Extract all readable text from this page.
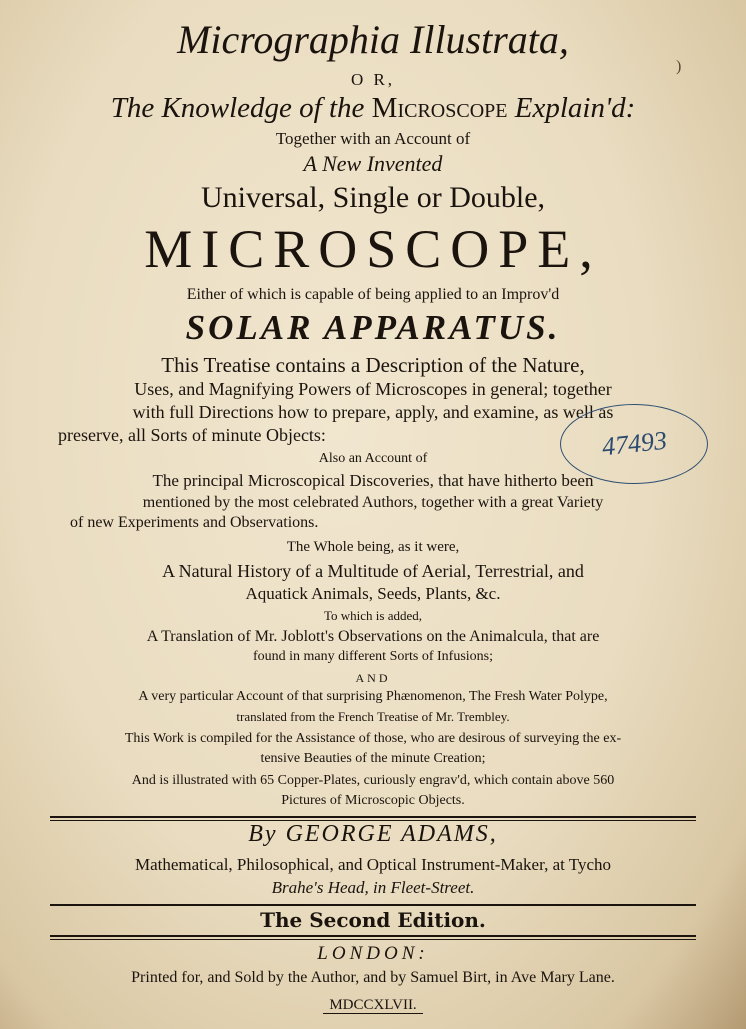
)
Micrographia Illustrata,
O R,
The Knowledge of the Microscope Explain'd:
Together with an Account of
A New Invented
Universal, Single or Double,
MICROSCOPE,
Either of which is capable of being applied to an Improv'd
SOLAR APPARATUS.
This Treatise contains a Description of the Nature,
Uses, and Magnifying Powers of Microscopes in general; together
with full Directions how to prepare, apply, and examine, as well as
preserve, all Sorts of minute Objects:
Also an Account of
The principal Microscopical Discoveries, that have hitherto been
mentioned by the most celebrated Authors, together with a great Variety
of new Experiments and Observations.
The Whole being, as it were,
A Natural History of a Multitude of Aerial, Terrestrial, and
Aquatick Animals, Seeds, Plants, &c.
To which is added,
A Translation of Mr. Joblott's Observations on the Animalcula, that are
found in many different Sorts of Infusions;
AND
A very particular Account of that surprising Phænomenon, The Fresh Water Polype,
translated from the French Treatise of Mr. Trembley.
This Work is compiled for the Assistance of those, who are desirous of surveying the ex-
tensive Beauties of the minute Creation;
And is illustrated with 65 Copper-Plates, curiously engrav'd, which contain above 560
Pictures of Microscopic Objects.
By GEORGE ADAMS,
Mathematical, Philosophical, and Optical Instrument-Maker, at Tycho
Brahe's Head, in Fleet-Street.
The Second Edition.
LONDON:
Printed for, and Sold by the Author, and by Samuel Birt, in Ave Mary Lane.
MDCCXLVII.
47493
